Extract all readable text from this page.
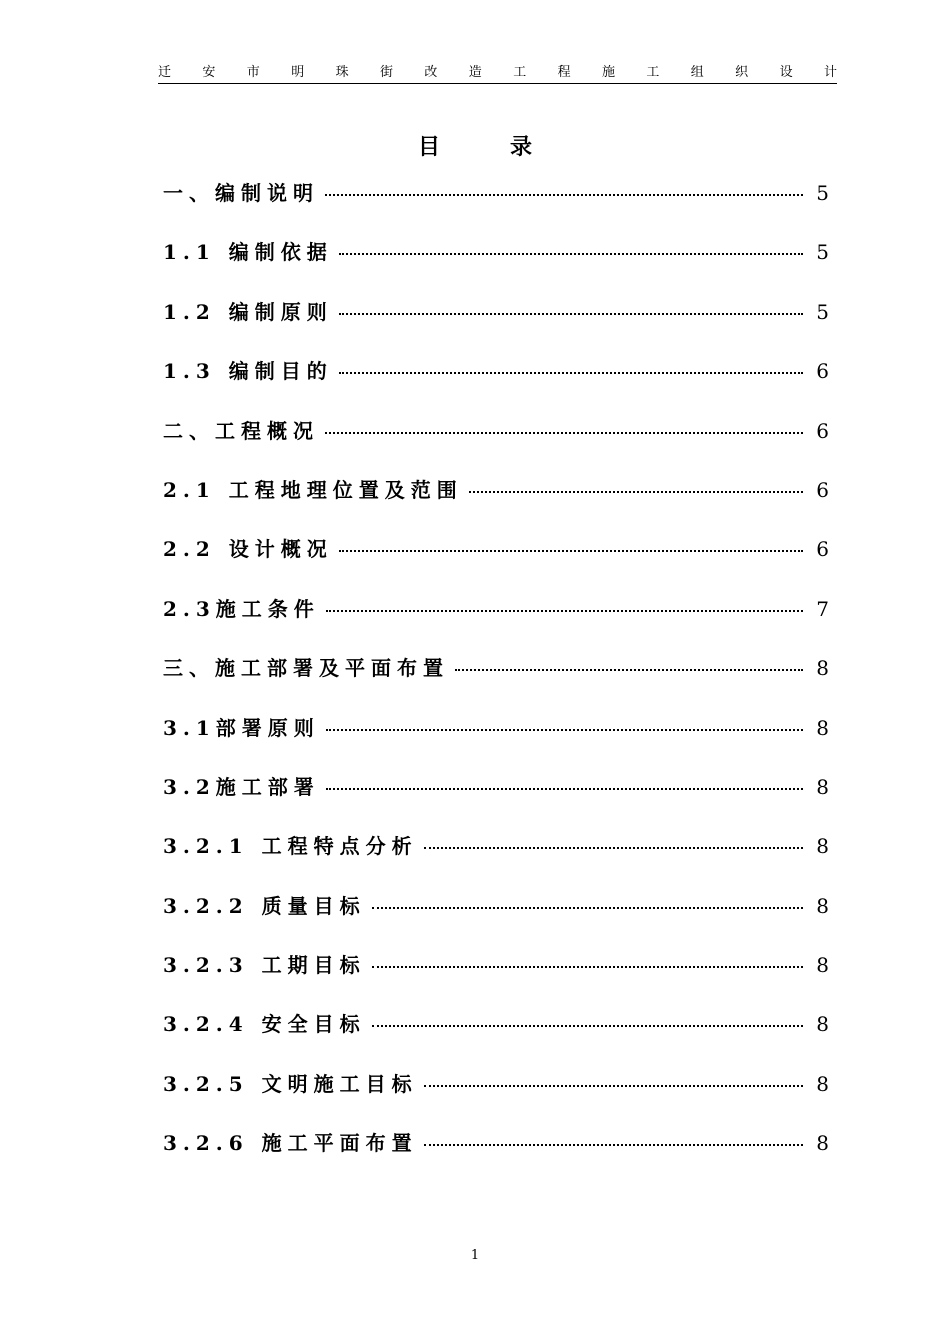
迁安市明珠街改造工程施工组织设计
目录
一、编制说明	5
1.1 编制依据	5
1.2 编制原则	5
1.3 编制目的	6
二、工程概况	6
2.1 工程地理位置及范围	6
2.2 设计概况	6
2.3施工条件	7
三、施工部署及平面布置	8
3.1部署原则	8
3.2施工部署	8
3.2.1 工程特点分析	8
3.2.2 质量目标	8
3.2.3 工期目标	8
3.2.4 安全目标	8
3.2.5 文明施工目标	8
3.2.6 施工平面布置	8
1
